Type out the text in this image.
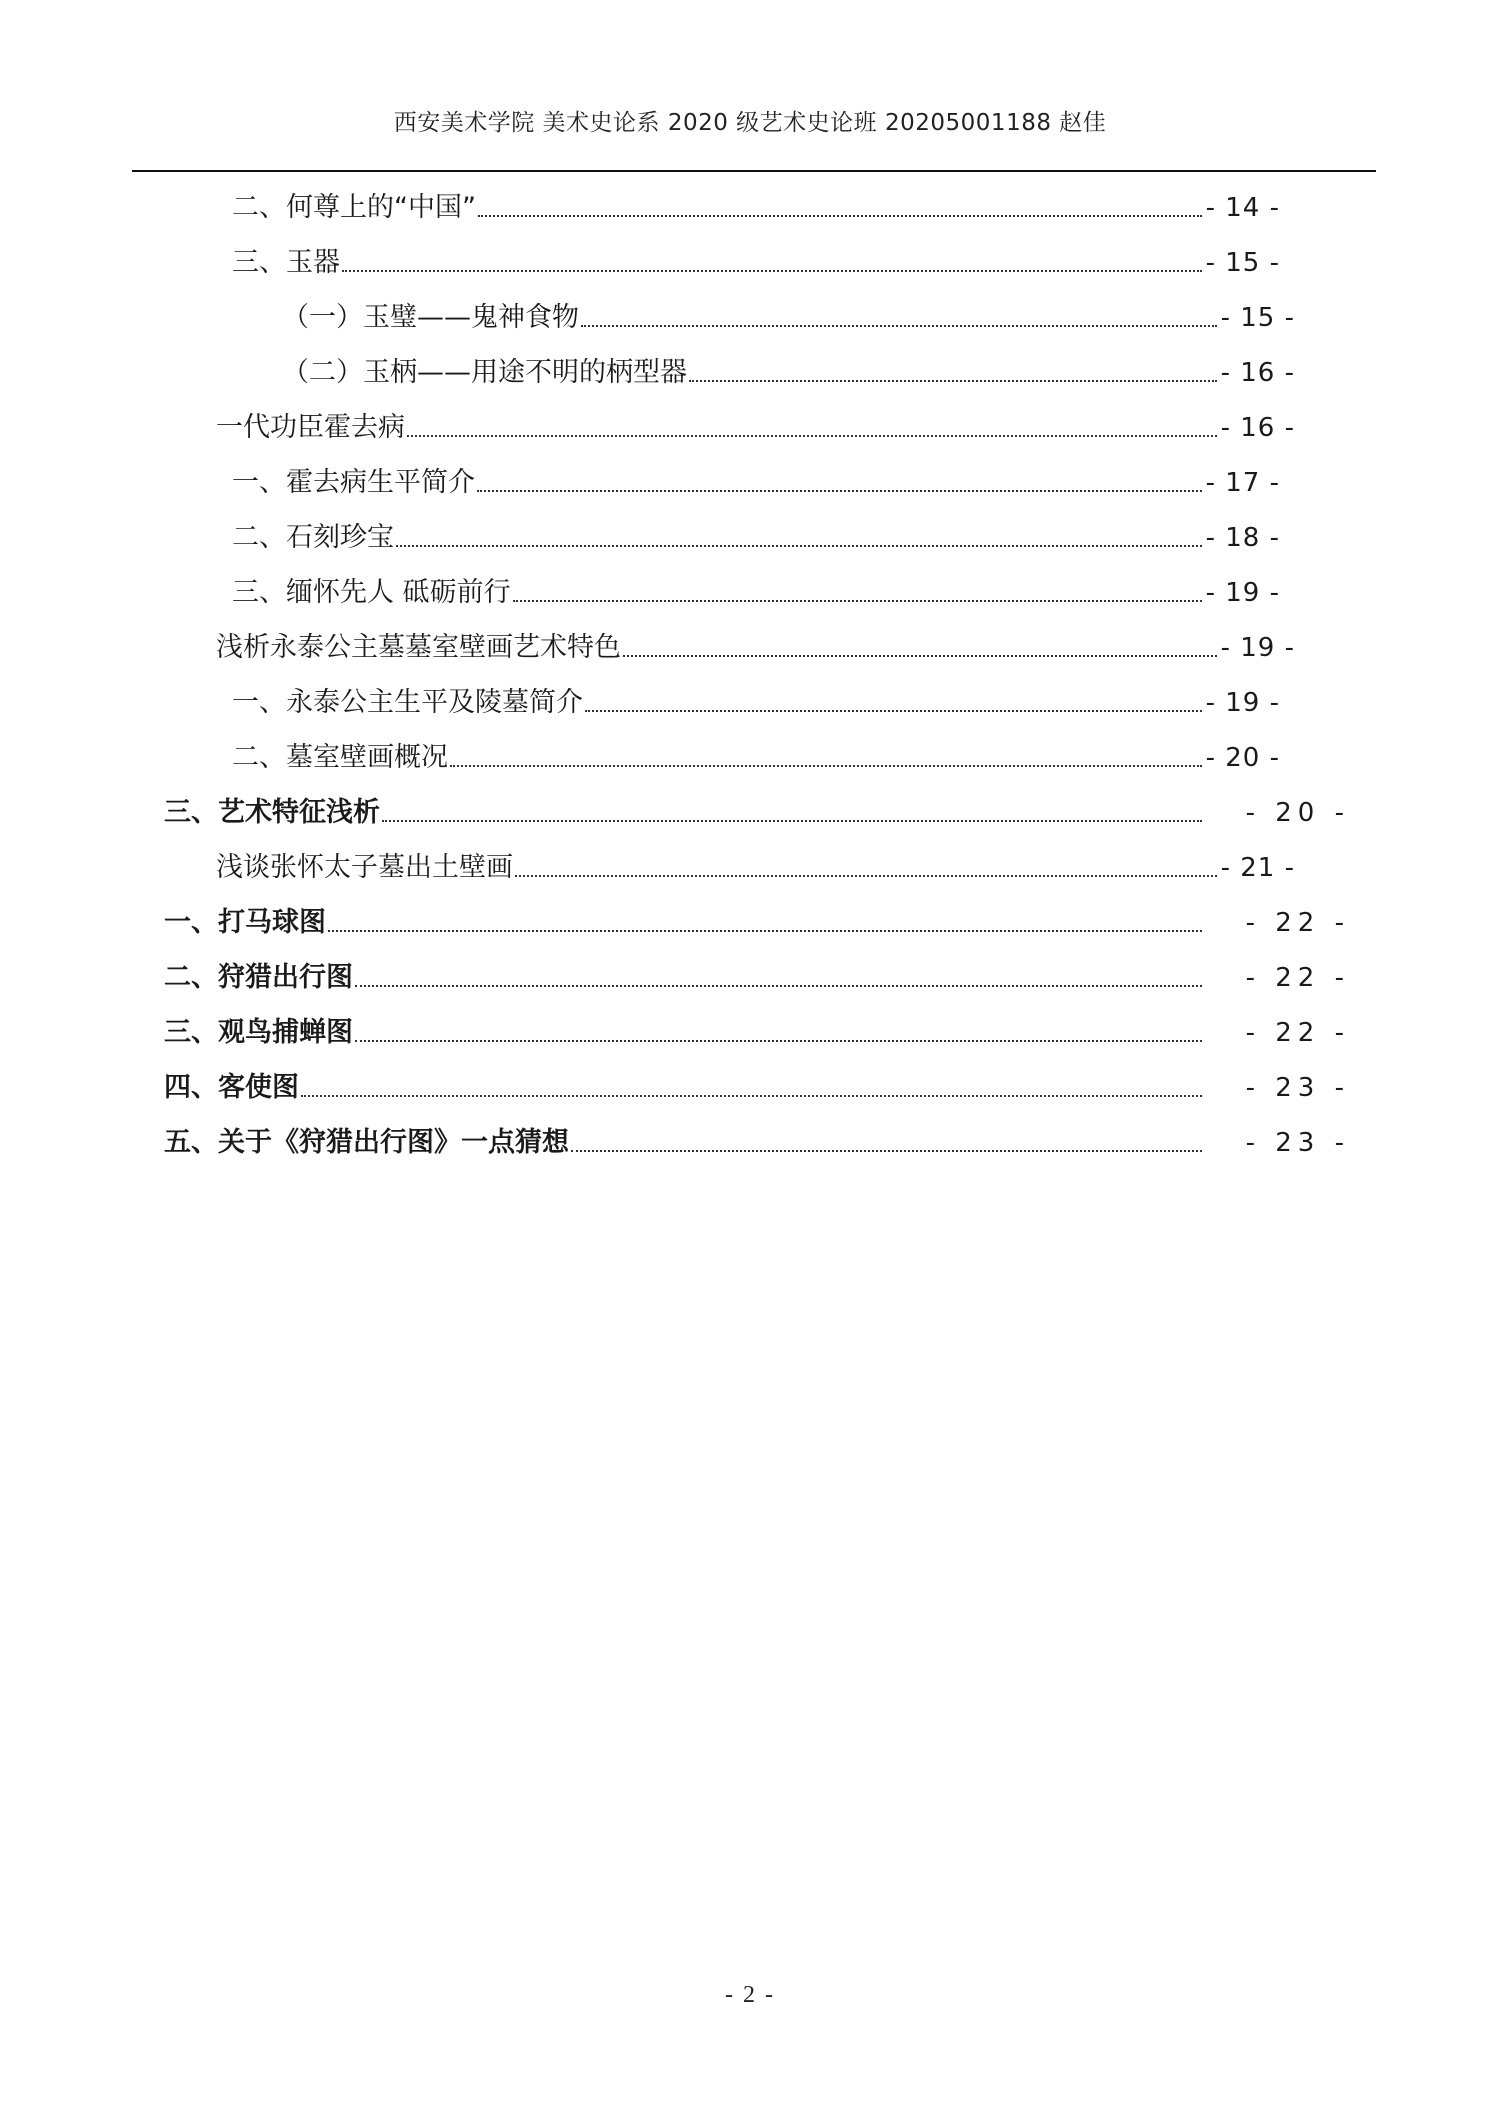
西安美术学院 美术史论系 2020 级艺术史论班 20205001188 赵佳
二、何尊上的“中国”	- 14 -
三、玉器	- 15 -
（一）玉璧——鬼神食物	- 15 -
（二）玉柄——用途不明的柄型器	- 16 -
一代功臣霍去病	- 16 -
一、霍去病生平简介	- 17 -
二、石刻珍宝	- 18 -
三、缅怀先人 砥砺前行	- 19 -
浅析永泰公主墓墓室壁画艺术特色	- 19 -
一、永泰公主生平及陵墓简介	- 19 -
二、墓室壁画概况	- 20 -
三、艺术特征浅析	- 20 -
浅谈张怀太子墓出土壁画	- 21 -
一、打马球图	- 22 -
二、狩猎出行图	- 22 -
三、观鸟捕蝉图	- 22 -
四、客使图	- 23 -
五、关于《狩猎出行图》一点猜想	- 23 -
- 2 -
